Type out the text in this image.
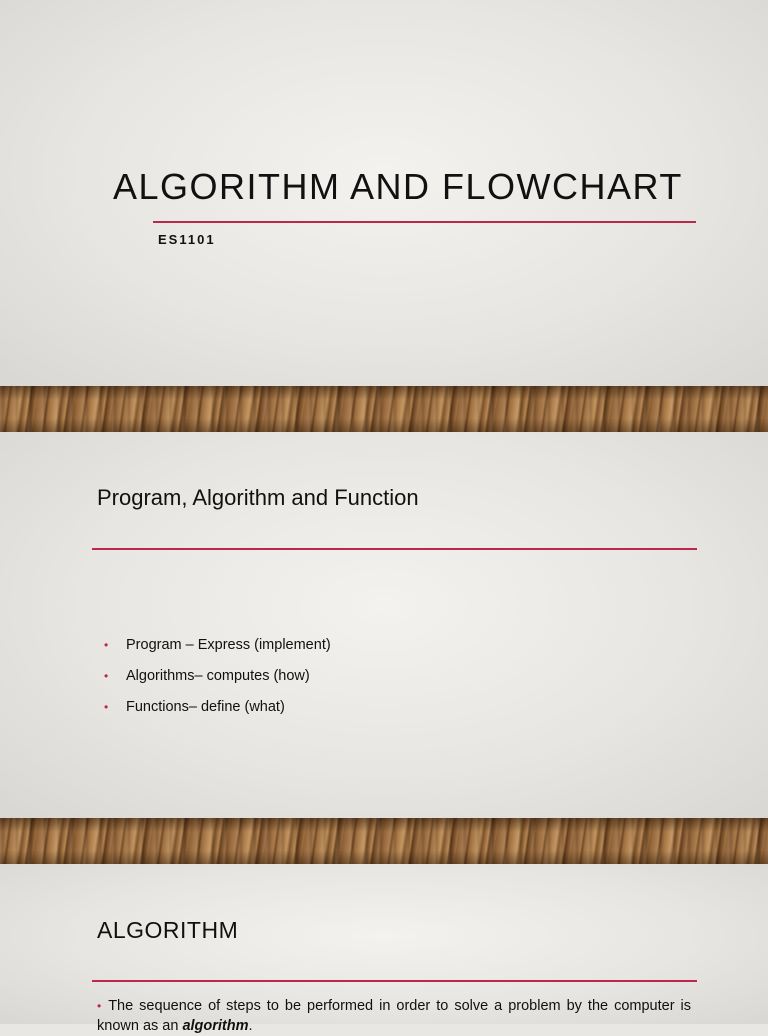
ALGORITHM AND FLOWCHART
ES1101
Program, Algorithm and Function
• Program – Express (implement)
• Algorithms– computes (how)
• Functions– define (what)
ALGORITHM
• The sequence of steps to be performed in order to solve a problem by the computer is known as an algorithm.
